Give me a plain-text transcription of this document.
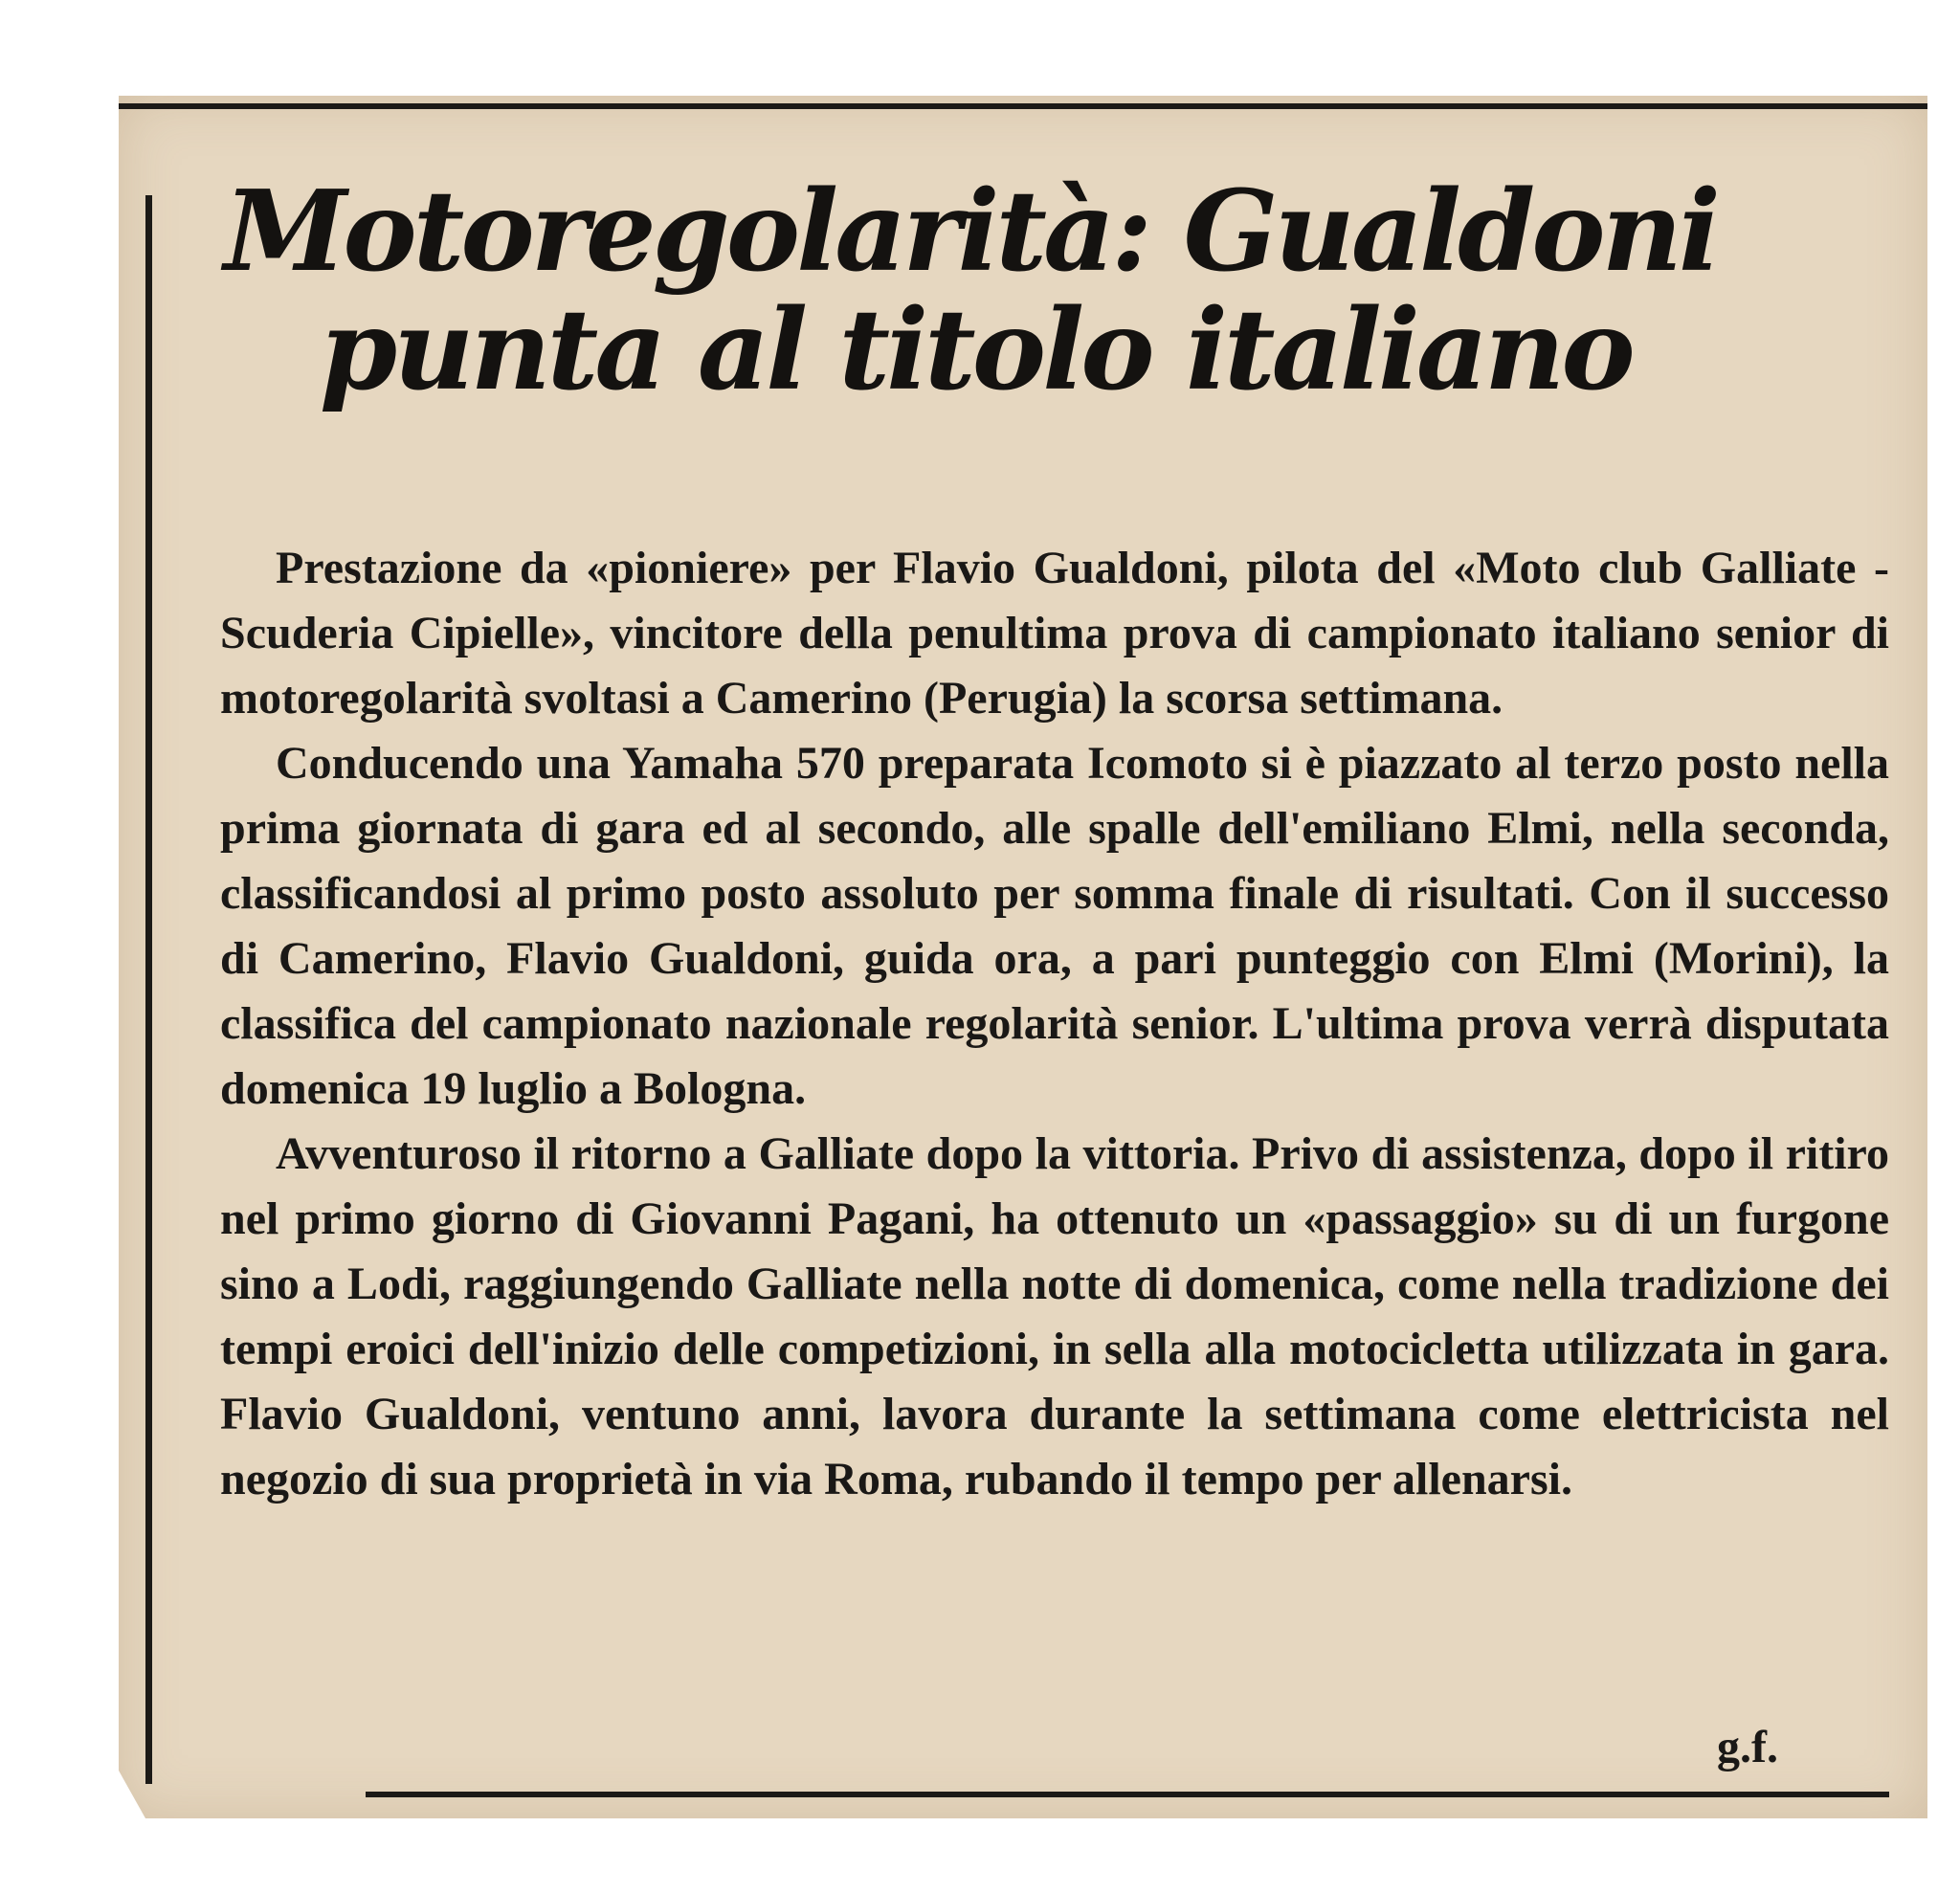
Motoregolarità: Gualdoni
punta al titolo italiano

Prestazione da «pioniere» per Flavio Gualdoni, pilota del «Moto club Galliate - Scuderia Cipielle», vincitore della penultima prova di campionato italiano senior di motoregolarità svoltasi a Camerino (Perugia) la scorsa settimana.

Conducendo una Yamaha 570 preparata Icomoto si è piazzato al terzo posto nella prima giornata di gara ed al secondo, alle spalle dell'emiliano Elmi, nella seconda, classificandosi al primo posto assoluto per somma finale di risultati. Con il successo di Camerino, Flavio Gualdoni, guida ora, a pari punteggio con Elmi (Morini), la classifica del campionato nazionale regolarità senior. L'ultima prova verrà disputata domenica 19 luglio a Bologna.

Avventuroso il ritorno a Galliate dopo la vittoria. Privo di assistenza, dopo il ritiro nel primo giorno di Giovanni Pagani, ha ottenuto un «passaggio» su di un furgone sino a Lodi, raggiungendo Galliate nella notte di domenica, come nella tradizione dei tempi eroici dell'inizio delle competizioni, in sella alla motocicletta utilizzata in gara. Flavio Gualdoni, ventuno anni, lavora durante la settimana come elettricista nel negozio di sua proprietà in via Roma, rubando il tempo per allenarsi.

g.f.
